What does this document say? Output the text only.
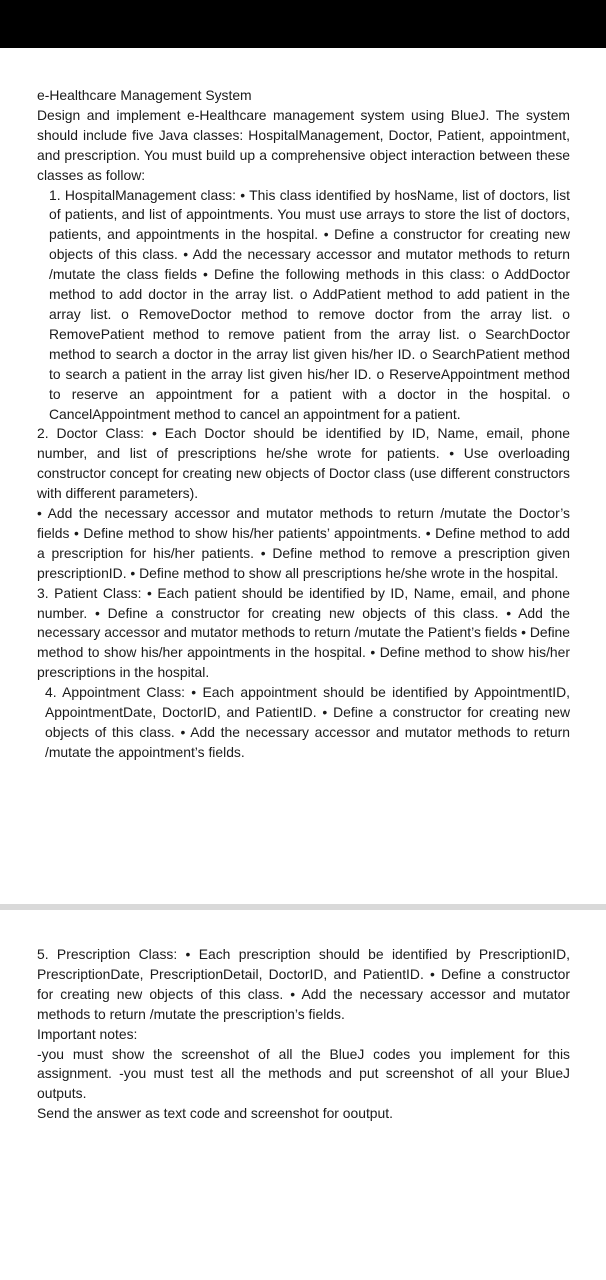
e-Healthcare Management System

Design and implement e-Healthcare management system using BlueJ. The system should include five Java classes: HospitalManagement, Doctor, Patient, appointment, and prescription. You must build up a comprehensive object interaction between these classes as follow:

1. HospitalManagement class: • This class identified by hosName, list of doctors, list of patients, and list of appointments. You must use arrays to store the list of doctors, patients, and appointments in the hospital. • Define a constructor for creating new objects of this class. • Add the necessary accessor and mutator methods to return /mutate the class fields • Define the following methods in this class: o AddDoctor method to add doctor in the array list. o AddPatient method to add patient in the array list. o RemoveDoctor method to remove doctor from the array list. o RemovePatient method to remove patient from the array list. o SearchDoctor method to search a doctor in the array list given his/her ID. o SearchPatient method to search a patient in the array list given his/her ID. o ReserveAppointment method to reserve an appointment for a patient with a doctor in the hospital. o CancelAppointment method to cancel an appointment for a patient.

2. Doctor Class: • Each Doctor should be identified by ID, Name, email, phone number, and list of prescriptions he/she wrote for patients. • Use overloading constructor concept for creating new objects of Doctor class (use different constructors with different parameters).

• Add the necessary accessor and mutator methods to return /mutate the Doctor’s fields • Define method to show his/her patients’ appointments. • Define method to add a prescription for his/her patients. • Define method to remove a prescription given prescriptionID. • Define method to show all prescriptions he/she wrote in the hospital.

3. Patient Class: • Each patient should be identified by ID, Name, email, and phone number. • Define a constructor for creating new objects of this class. • Add the necessary accessor and mutator methods to return /mutate the Patient’s fields • Define method to show his/her appointments in the hospital. • Define method to show his/her prescriptions in the hospital.

4. Appointment Class: • Each appointment should be identified by AppointmentID, AppointmentDate, DoctorID, and PatientID. • Define a constructor for creating new objects of this class. • Add the necessary accessor and mutator methods to return /mutate the appointment’s fields.

5. Prescription Class: • Each prescription should be identified by PrescriptionID, PrescriptionDate, PrescriptionDetail, DoctorID, and PatientID. • Define a constructor for creating new objects of this class. • Add the necessary accessor and mutator methods to return /mutate the prescription’s fields.

Important notes:

-you must show the screenshot of all the BlueJ codes you implement for this assignment. -you must test all the methods and put screenshot of all your BlueJ outputs.

Send the answer as text code and screenshot for ooutput.
